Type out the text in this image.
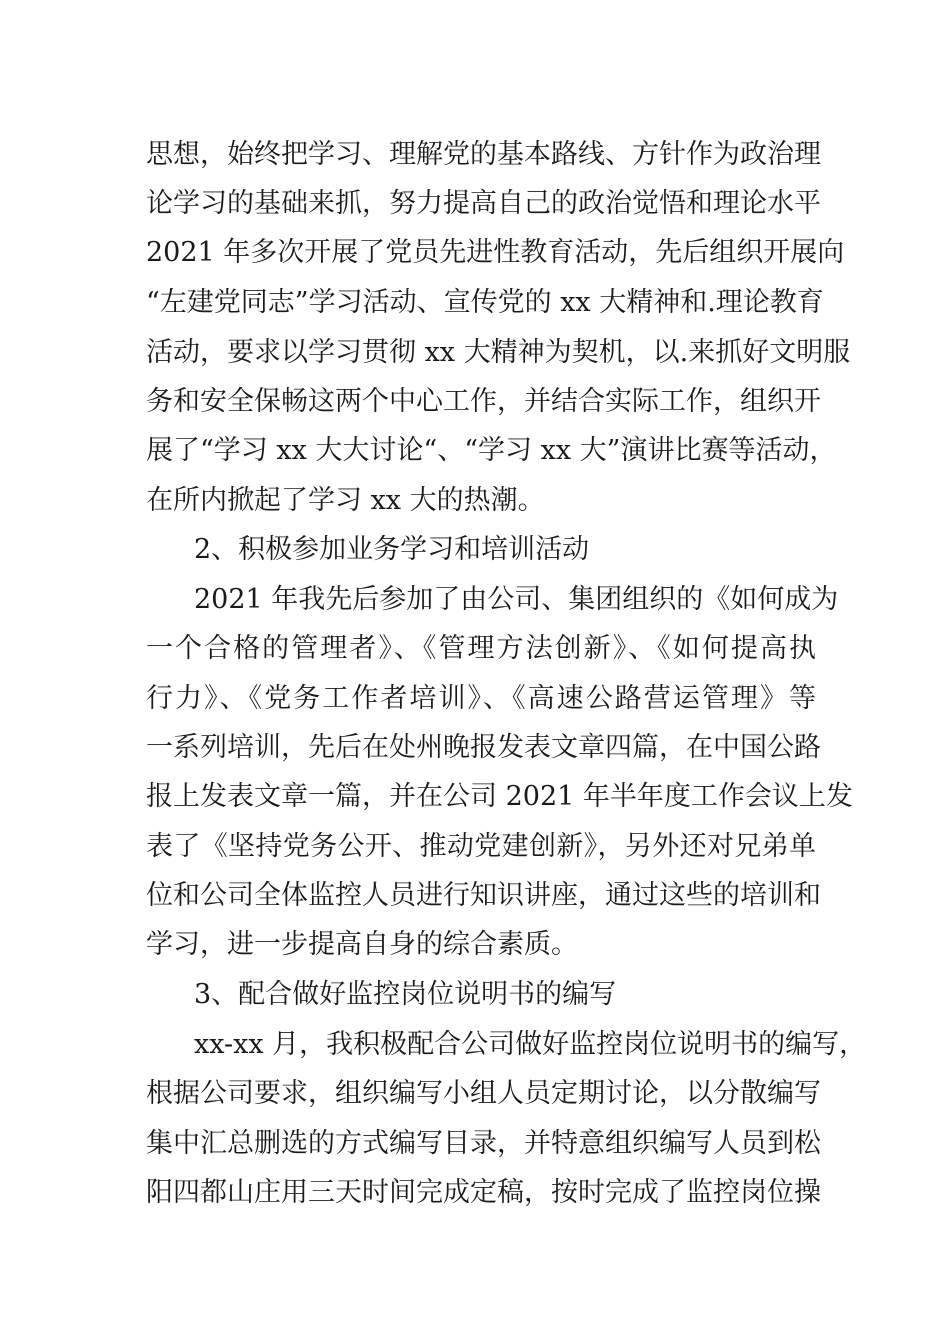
思想，始终把学习、理解党的基本路线、方针作为政治理
论学习的基础来抓，努力提高自己的政治觉悟和理论水平
2021 年多次开展了党员先进性教育活动，先后组织开展向
“左建党同志”学习活动、宣传党的 xx 大精神和.理论教育
活动，要求以学习贯彻 xx 大精神为契机，以.来抓好文明服
务和安全保畅这两个中心工作，并结合实际工作，组织开
展了“学习 xx 大大讨论“、“学习 xx 大”演讲比赛等活动，
在所内掀起了学习 xx 大的热潮。
2、积极参加业务学习和培训活动
2021 年我先后参加了由公司、集团组织的《如何成为
一个合格的管理者》、《管理方法创新》、《如何提高执
行力》、《党务工作者培训》、《高速公路营运管理》等
一系列培训，先后在处州晚报发表文章四篇，在中国公路
报上发表文章一篇，并在公司 2021 年半年度工作会议上发
表了《坚持党务公开、推动党建创新》，另外还对兄弟单
位和公司全体监控人员进行知识讲座，通过这些的培训和
学习，进一步提高自身的综合素质。
3、配合做好监控岗位说明书的编写
xx-xx 月，我积极配合公司做好监控岗位说明书的编写，
根据公司要求，组织编写小组人员定期讨论，以分散编写
集中汇总删选的方式编写目录，并特意组织编写人员到松
阳四都山庄用三天时间完成定稿，按时完成了监控岗位操
